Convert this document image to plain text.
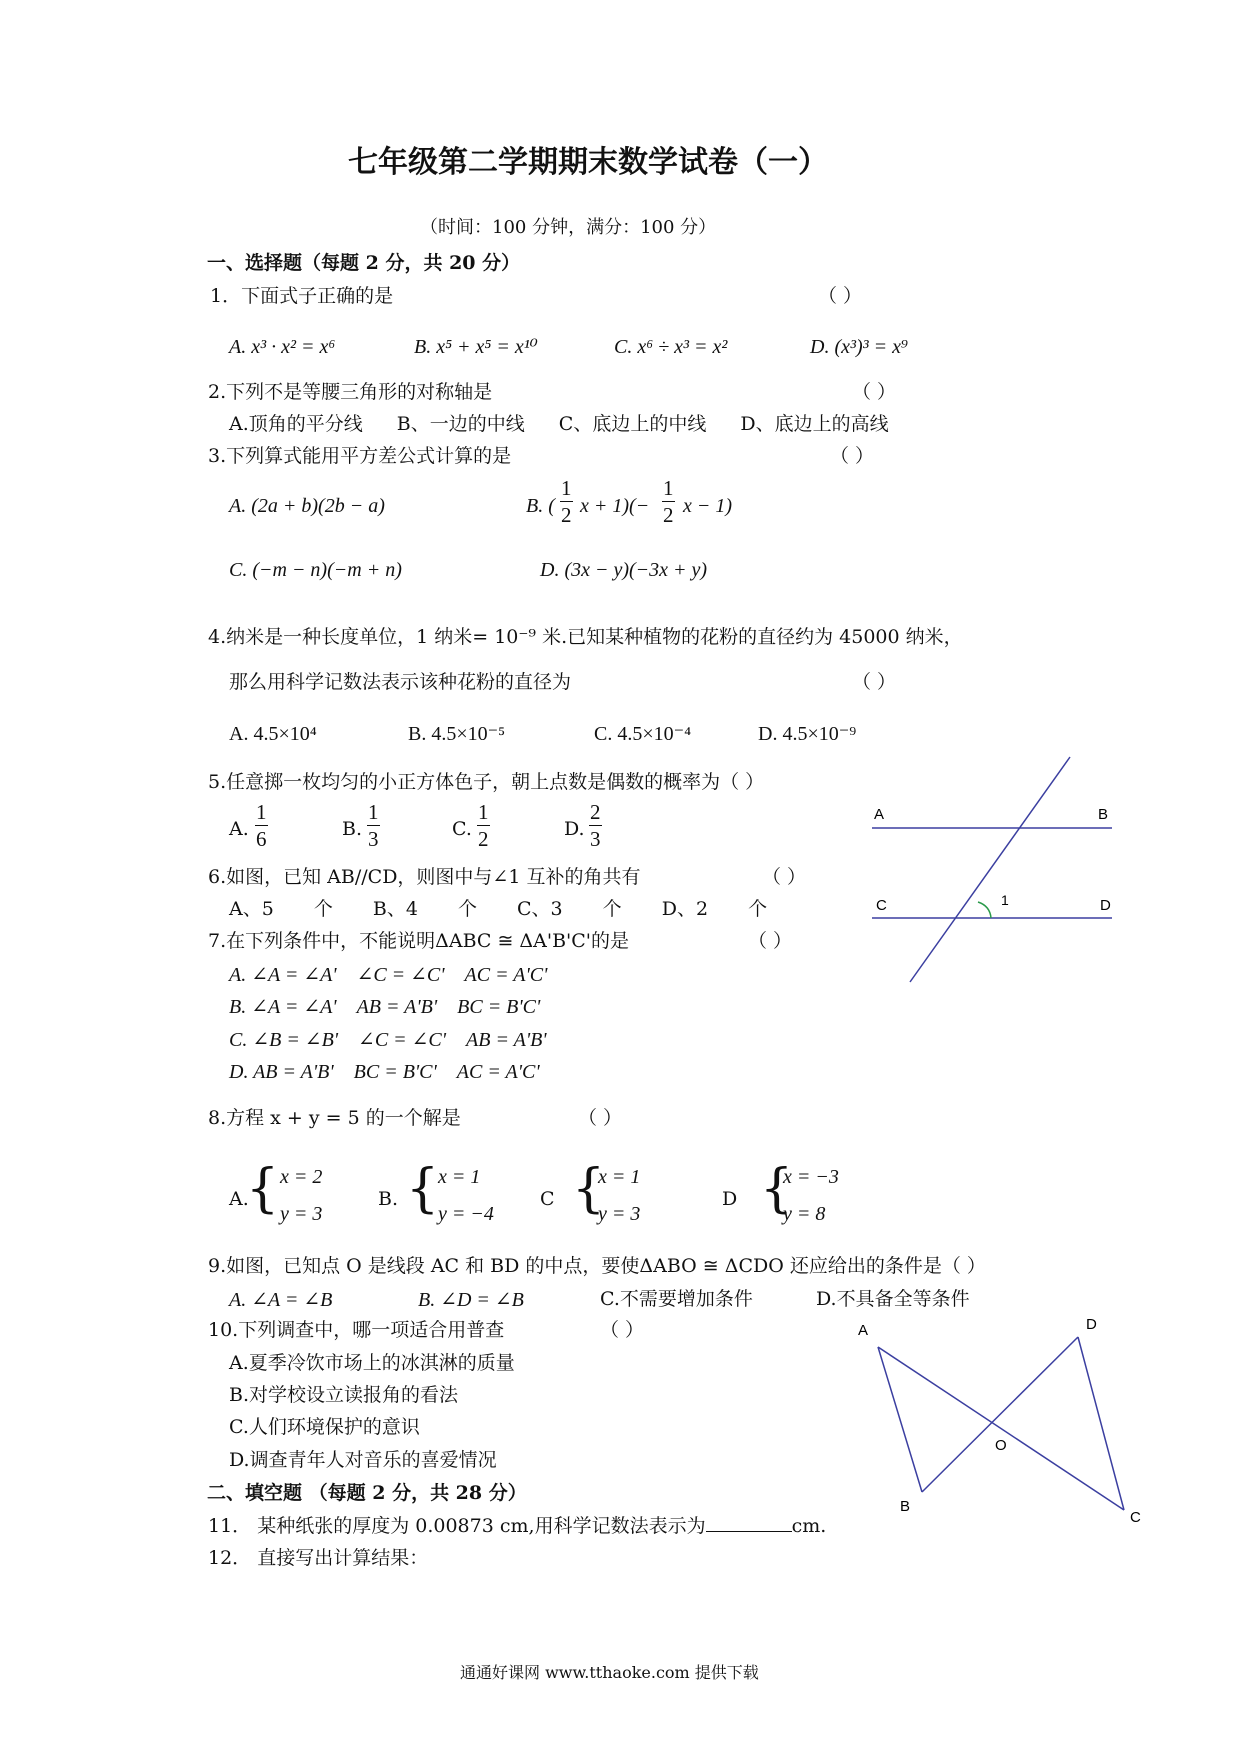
七年级第二学期期末数学试卷（一）
（时间：100 分钟，满分：100 分）
一、选择题（每题 2 分，共 20 分）
1．下面式子正确的是	（ ）
A. x³ · x² = x⁶	B. x⁵ + x⁵ = x¹⁰	C. x⁶ ÷ x³ = x²	D. (x³)³ = x⁹
2.下列不是等腰三角形的对称轴是	（ ）
A.顶角的平分线 B、一边的中线 C、底边上的中线 D、底边上的高线
3.下列算式能用平方差公式计算的是	（ ）
A. (2a + b)(2b − a)	B. ( $\frac{1}{2}$ $x + 1)(- \frac{1}{2}$ x − 1)
C. (−m − n)(−m + n)	D. (3x − y)(−3x + y)
4.纳米是一种长度单位，1 纳米= 10⁻⁹ 米.已知某种植物的花粉的直径约为 45000 纳米，
那么用科学记数法表示该种花粉的直径为	（ ）
A. 4.5×10⁴	B. 4.5×10⁻⁵	C. 4.5×10⁻⁴	D. 4.5×10⁻⁹
5.任意掷一枚均匀的小正方体色子，朝上点数是偶数的概率为（ ）
A. $\frac{1}{6}$	B. $\frac{1}{3}$	C. $\frac{1}{2}$	D. $\frac{2}{3}$
6.如图，已知 AB//CD，则图中与∠1 互补的角共有	（ ）
A、5 个 B、4 个 C、3 个 D、2 个
7.在下列条件中，不能说明ΔABC ≅ ΔA'B'C'的是	（ ）
A. ∠A = ∠A'　∠C = ∠C'　AC = A'C'
B. ∠A = ∠A'　AB = A'B'　BC = B'C'
C. ∠B = ∠B'　∠C = ∠C'　AB = A'B'
D. AB = A'B'　BC = B'C'　AC = A'C'
8.方程 x + y = 5 的一个解是	（ ）
A.
{ x = 2
y = 3
B. {
x = 1
y = −4
C {
x = 1
y = 3
D {
x = −3
y = 8
9.如图，已知点 O 是线段 AC 和 BD 的中点，要使ΔABO ≅ ΔCDO 还应给出的条件是（ ）
A. ∠A = ∠B	B. ∠D = ∠B	C.不需要增加条件	D.不具备全等条件
10.下列调查中，哪一项适合用普查	（ ）
A.夏季冷饮市场上的冰淇淋的质量
B.对学校设立读报角的看法
C.人们环境保护的意识
D.调查青年人对音乐的喜爱情况
二、填空题 （每题 2 分，共 28 分）
11． 某种纸张的厚度为 0.00873 cm,用科学记数法表示为	cm.
12． 直接写出计算结果：
A	B
C	D
1
A	D
O
B
C
通通好课网 www.tthaoke.com 提供下载
